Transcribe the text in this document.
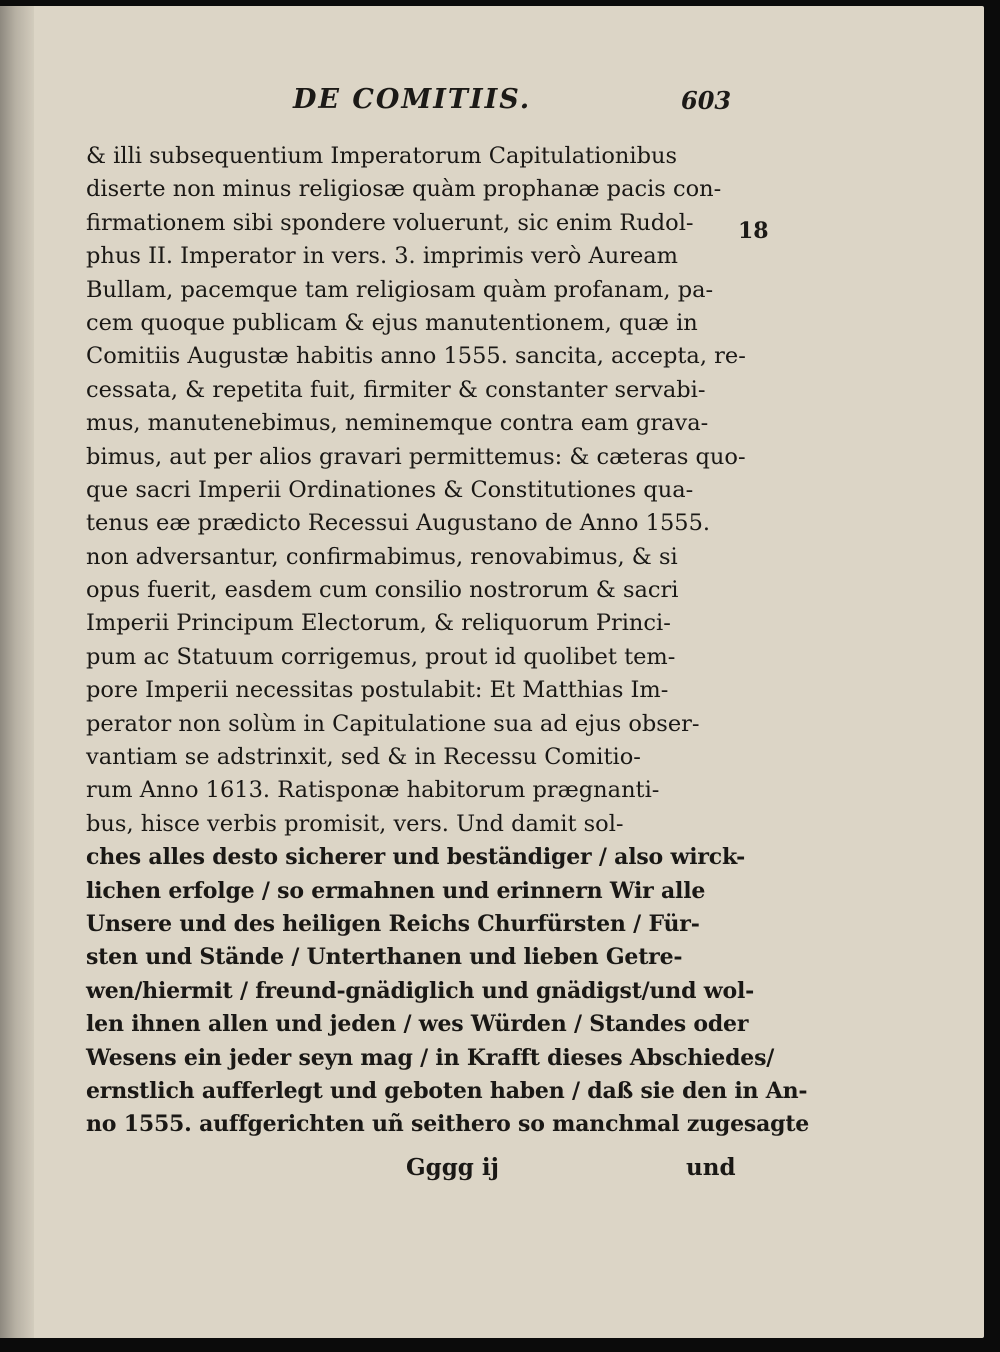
DE COMITIIS.	603
18
& illi subsequentium Imperatorum Capitulationibus
diserte non minus religiosæ quàm prophanæ pacis con-
firmationem sibi spondere voluerunt, sic enim Rudol-
phus II. Imperator in vers. 3. imprimis verò Auream
Bullam, pacemque tam religiosam quàm profanam, pa-
cem quoque publicam & ejus manutentionem, quæ in
Comitiis Augustæ habitis anno 1555. sancita, accepta, re-
cessata, & repetita fuit, firmiter & constanter servabi-
mus, manutenebimus, neminemque contra eam grava-
bimus, aut per alios gravari permittemus: & cæteras quo-
que sacri Imperii Ordinationes & Constitutiones qua-
tenus eæ prædicto Recessui Augustano de Anno 1555.
non adversantur, confirmabimus, renovabimus, & si
opus fuerit, easdem cum consilio nostrorum & sacri
Imperii Principum Electorum, & reliquorum Princi-
pum ac Statuum corrigemus, prout id quolibet tem-
pore Imperii necessitas postulabit: Et Matthias Im-
perator non solùm in Capitulatione sua ad ejus obser-
vantiam se adstrinxit, sed & in Recessu Comitio-
rum Anno 1613. Ratisponæ habitorum prægnanti-
bus, hisce verbis promisit, vers. Und damit sol-
ches alles desto sicherer und beständiger / also wirck-
lichen erfolge / so ermahnen und erinnern Wir alle
Unsere und des heiligen Reichs Churfürsten / Für-
sten und Stände / Unterthanen und lieben Getre-
wen/hiermit / freund-gnädiglich und gnädigst/und wol-
len ihnen allen und jeden / wes Würden / Standes oder
Wesens ein jeder seyn mag / in Krafft dieses Abschiedes/
ernstlich aufferlegt und geboten haben / daß sie den in An-
no 1555. auffgerichten uñ seithero so manchmal zugesagte
Gggg ij	und
